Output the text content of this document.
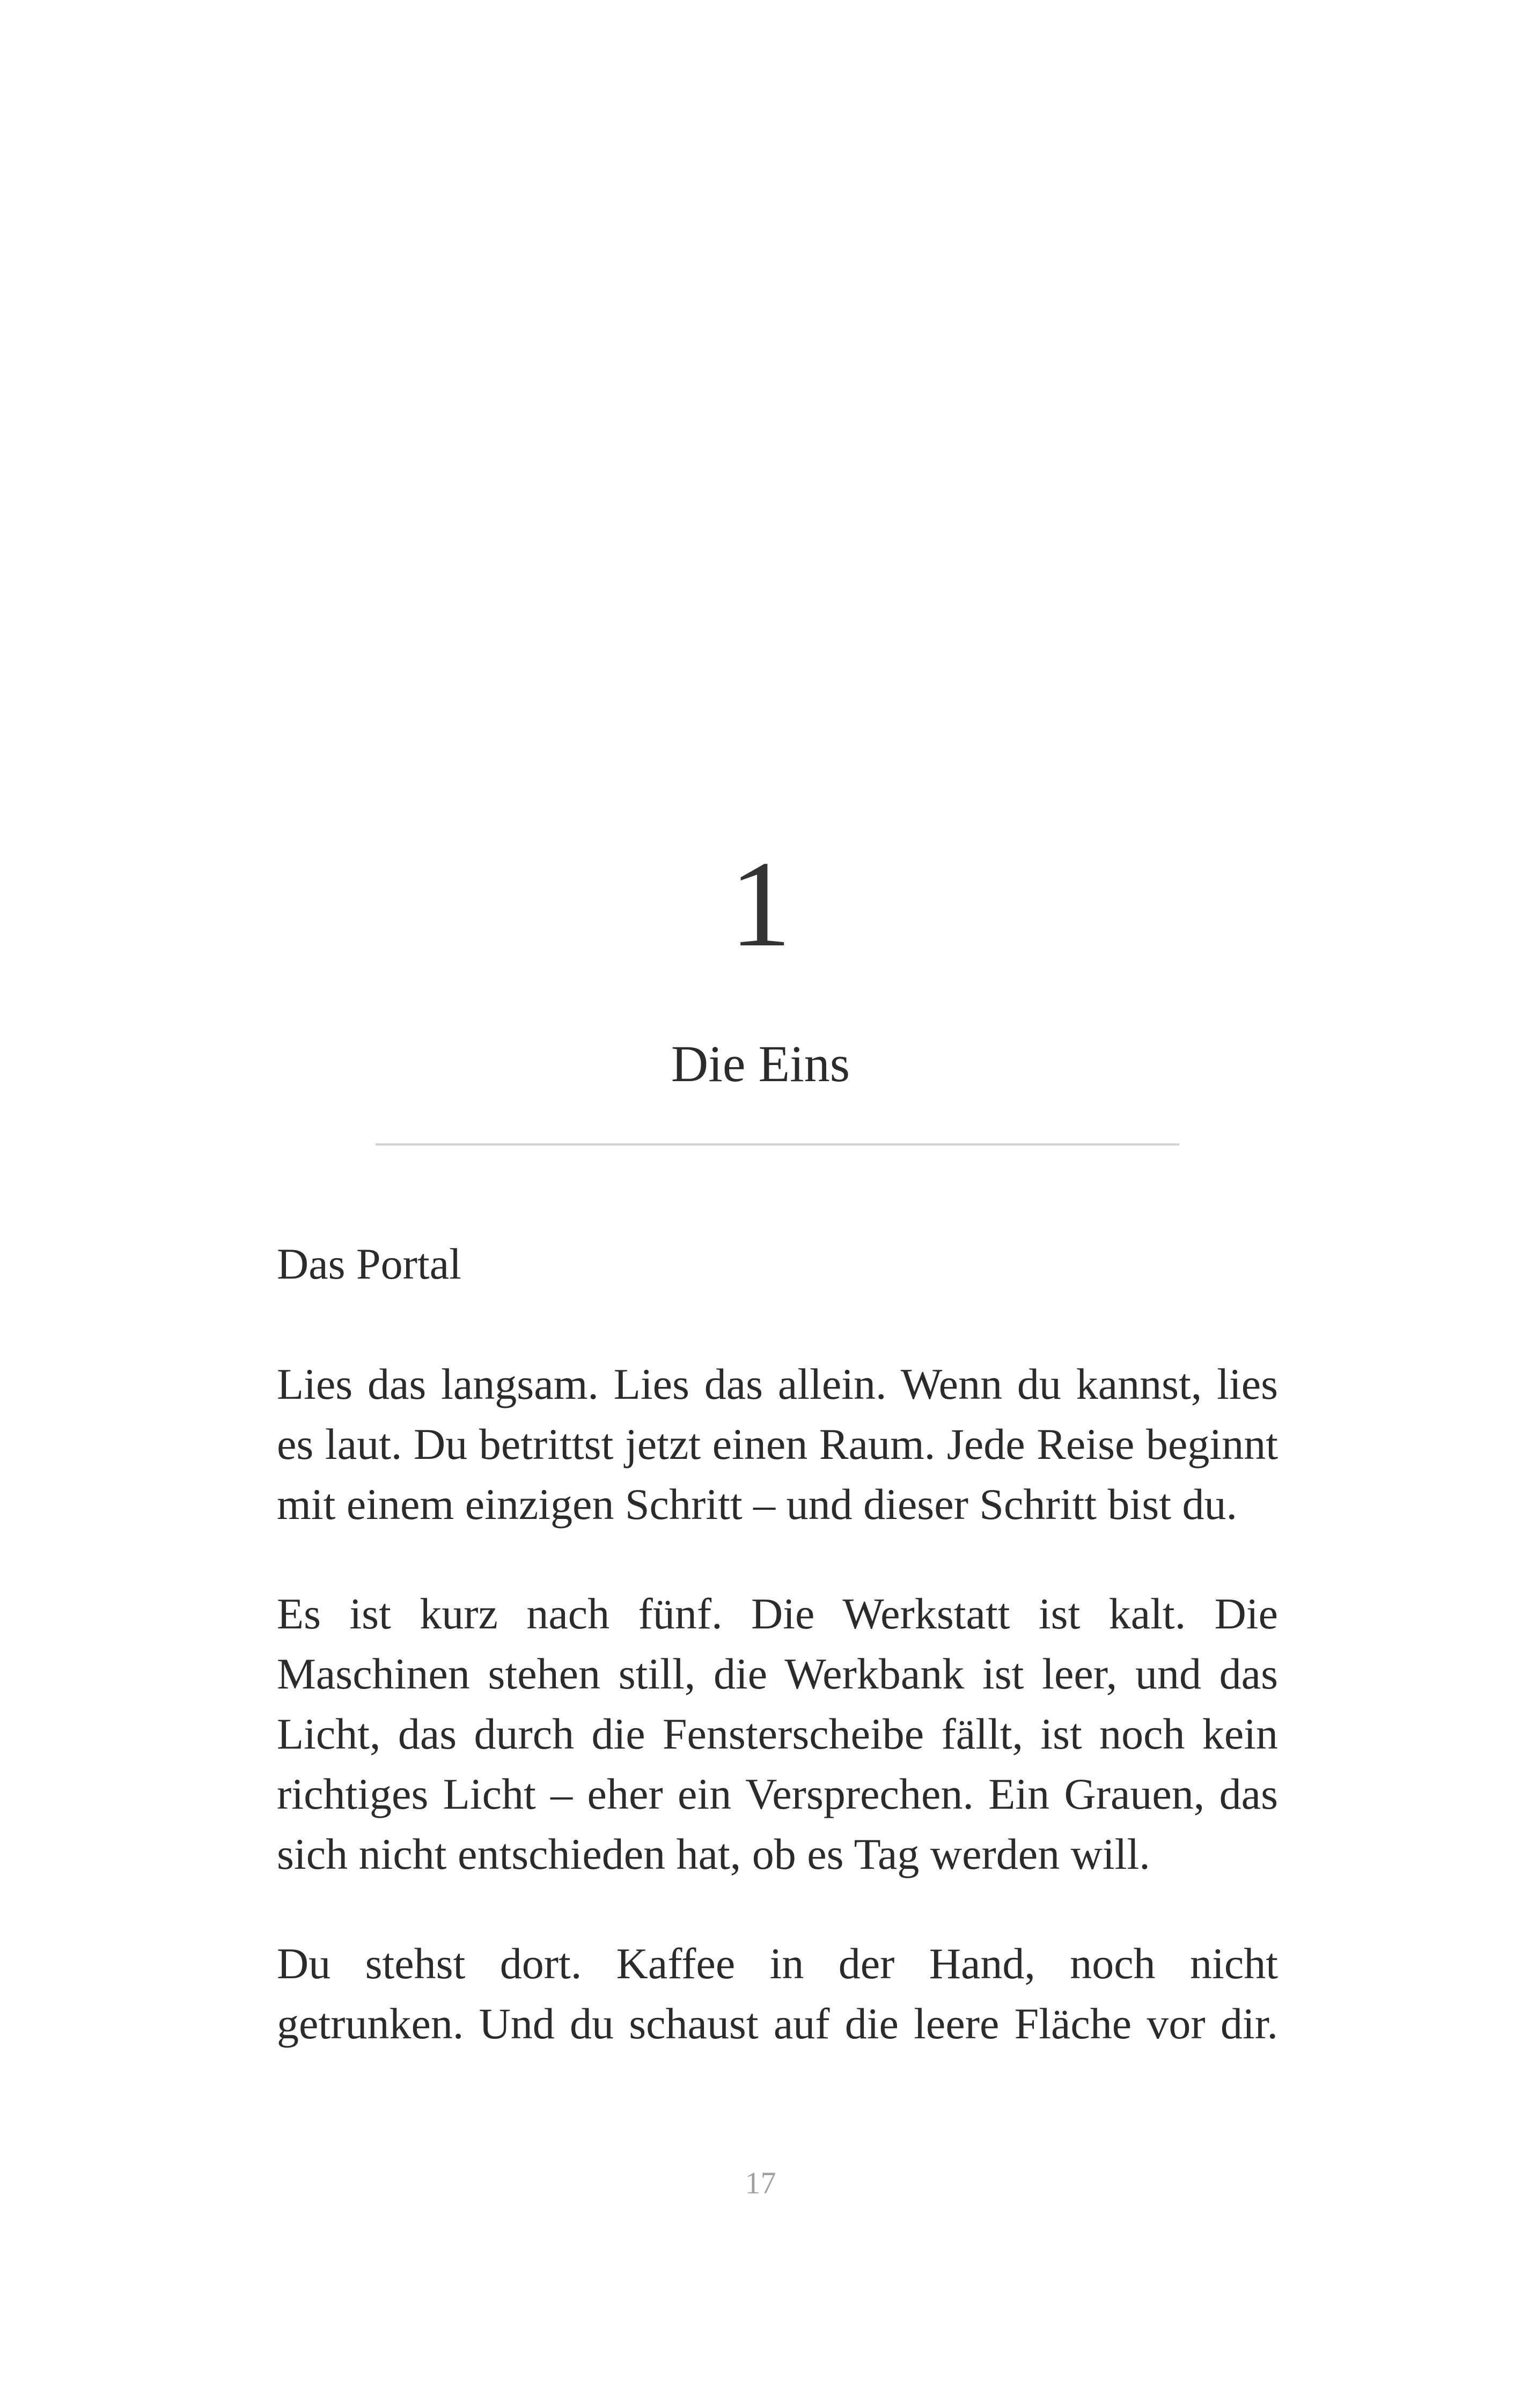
1
Die Eins
Das Portal

Lies das langsam. Lies das allein. Wenn du kannst, lies es laut. Du betrittst jetzt einen Raum. Jede Reise beginnt mit einem einzigen Schritt – und dieser Schritt bist du.

Es ist kurz nach fünf. Die Werkstatt ist kalt. Die Maschinen stehen still, die Werkbank ist leer, und das Licht, das durch die Fensterscheibe fällt, ist noch kein richtiges Licht – eher ein Versprechen. Ein Grauen, das sich nicht entschieden hat, ob es Tag werden will.

Du stehst dort. Kaffee in der Hand, noch nicht getrunken. Und du schaust auf die leere Fläche vor dir.

17
